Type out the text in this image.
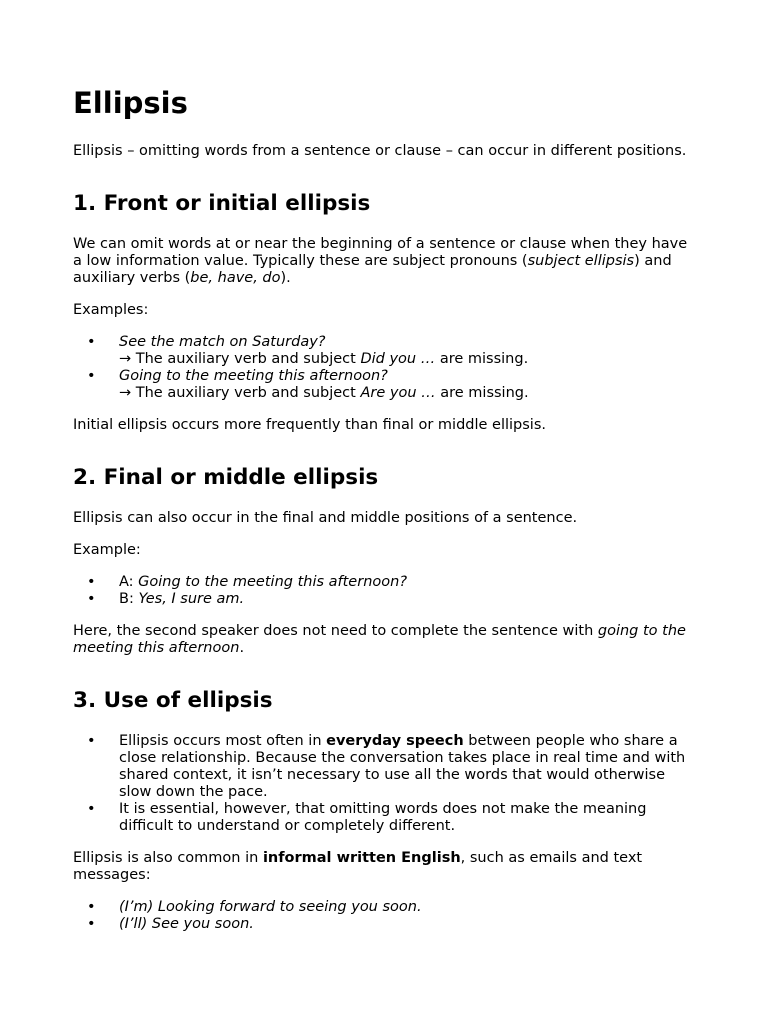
Ellipsis

Ellipsis – omitting words from a sentence or clause – can occur in different positions.

1. Front or initial ellipsis

We can omit words at or near the beginning of a sentence or clause when they have a low information value. Typically these are subject pronouns (subject ellipsis) and auxiliary verbs (be, have, do).

Examples:

• See the match on Saturday?
→ The auxiliary verb and subject Did you … are missing.
• Going to the meeting this afternoon?
→ The auxiliary verb and subject Are you … are missing.

Initial ellipsis occurs more frequently than final or middle ellipsis.

2. Final or middle ellipsis

Ellipsis can also occur in the final and middle positions of a sentence.

Example:

• A: Going to the meeting this afternoon?
• B: Yes, I sure am.

Here, the second speaker does not need to complete the sentence with going to the meeting this afternoon.

3. Use of ellipsis
• Ellipsis occurs most often in everyday speech between people who share a close relationship. Because the conversation takes place in real time and with shared context, it isn’t necessary to use all the words that would otherwise slow down the pace.
• It is essential, however, that omitting words does not make the meaning difficult to understand or completely different.

Ellipsis is also common in informal written English, such as emails and text messages:

• (I’m) Looking forward to seeing you soon.
• (I’ll) See you soon.
